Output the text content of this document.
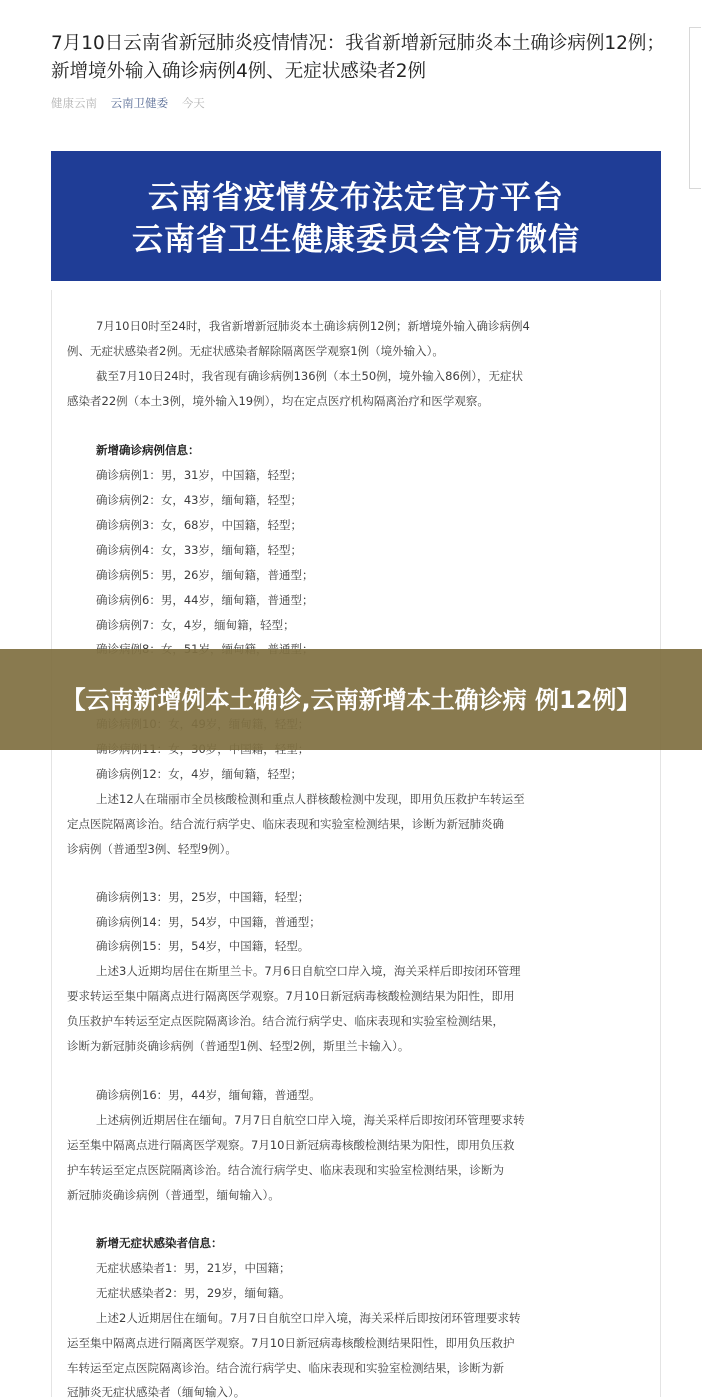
7月10日云南省新冠肺炎疫情情况：我省新增新冠肺炎本土确诊病例12例；新增境外输入确诊病例4例、无症状感染者2例
健康云南 云南卫健委 今天
云南省疫情发布法定官方平台
云南省卫生健康委员会官方微信
7月10日0时至24时，我省新增新冠肺炎本土确诊病例12例；新增境外输入确诊病例4
例、无症状感染者2例。无症状感染者解除隔离医学观察1例（境外输入）。
截至7月10日24时，我省现有确诊病例136例（本土50例，境外输入86例），无症状
感染者22例（本土3例，境外输入19例），均在定点医疗机构隔离治疗和医学观察。
新增确诊病例信息：
确诊病例1：男，31岁，中国籍，轻型；
确诊病例2：女，43岁，缅甸籍，轻型；
确诊病例3：女，68岁，中国籍，轻型；
确诊病例4：女，33岁，缅甸籍，轻型；
确诊病例5：男，26岁，缅甸籍，普通型；
确诊病例6：男，44岁，缅甸籍，普通型；
确诊病例7：女，4岁，缅甸籍，轻型；
确诊病例12：女，4岁，缅甸籍，轻型；
上述12人在瑞丽市全员核酸检测和重点人群核酸检测中发现，即用负压救护车转运至
定点医院隔离诊治。结合流行病学史、临床表现和实验室检测结果，诊断为新冠肺炎确
诊病例（普通型3例、轻型9例）。
确诊病例13：男，25岁，中国籍，轻型；
确诊病例14：男，54岁，中国籍，普通型；
确诊病例15：男，54岁，中国籍，轻型。
上述3人近期均居住在斯里兰卡。7月6日自航空口岸入境，海关采样后即按闭环管理
要求转运至集中隔离点进行隔离医学观察。7月10日新冠病毒核酸检测结果为阳性，即用
负压救护车转运至定点医院隔离诊治。结合流行病学史、临床表现和实验室检测结果，
诊断为新冠肺炎确诊病例（普通型1例、轻型2例，斯里兰卡输入）。
确诊病例16：男，44岁，缅甸籍，普通型。
上述病例近期居住在缅甸。7月7日自航空口岸入境，海关采样后即按闭环管理要求转
运至集中隔离点进行隔离医学观察。7月10日新冠病毒核酸检测结果为阳性，即用负压救
护车转运至定点医院隔离诊治。结合流行病学史、临床表现和实验室检测结果，诊断为
新冠肺炎确诊病例（普通型，缅甸输入）。
新增无症状感染者信息：
无症状感染者1：男，21岁，中国籍；
无症状感染者2：男，29岁，缅甸籍。
上述2人近期居住在缅甸。7月7日自航空口岸入境，海关采样后即按闭环管理要求转
运至集中隔离点进行隔离医学观察。7月10日新冠病毒核酸检测结果阳性，即用负压救护
车转运至定点医院隔离诊治。结合流行病学史、临床表现和实验室检测结果，诊断为新
冠肺炎无症状感染者（缅甸输入）。
【云南新增例本土确诊,云南新增本土确诊病 例12例】
